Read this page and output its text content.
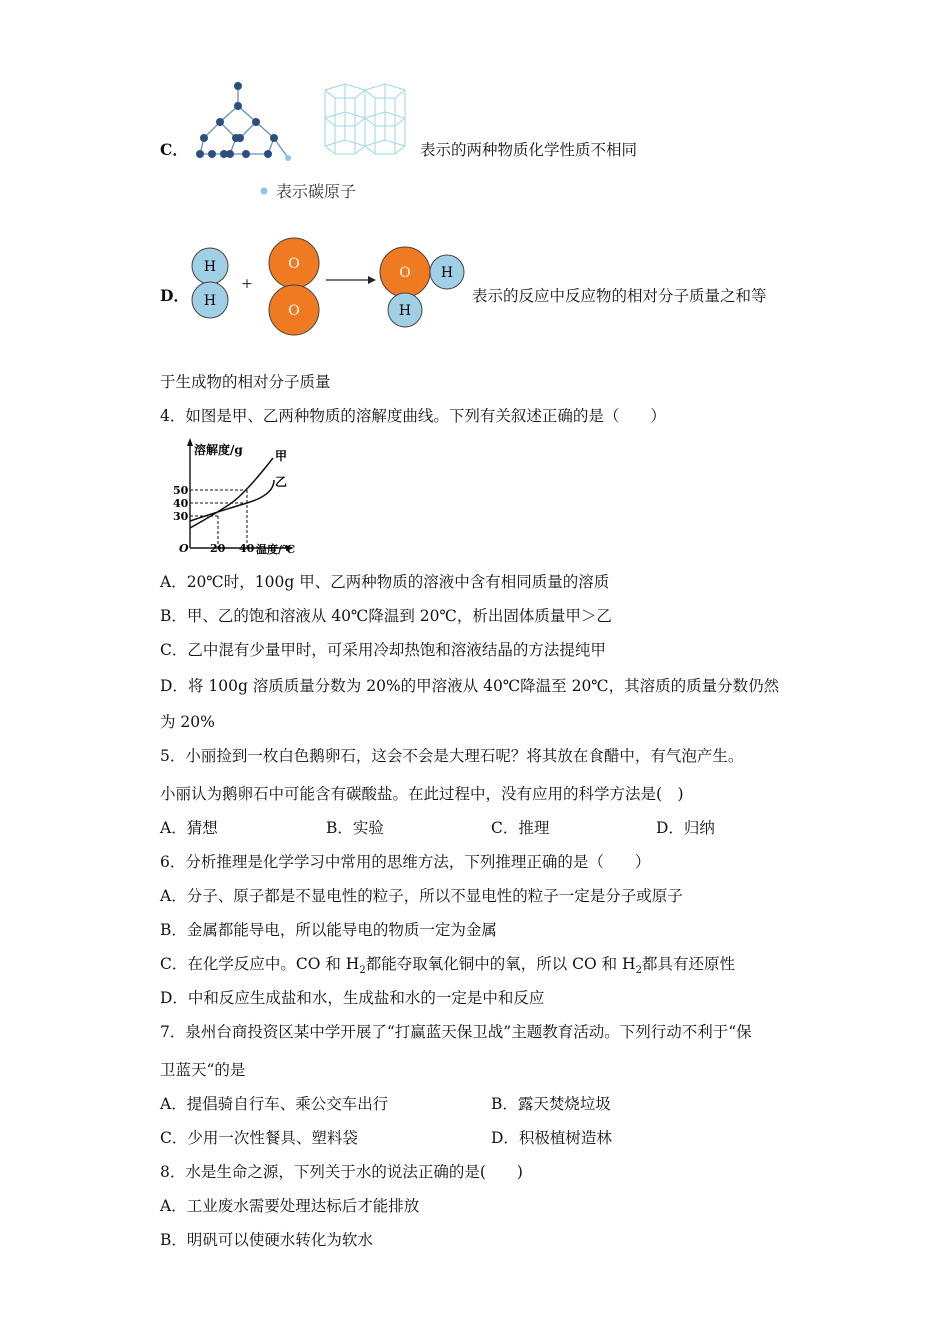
C．	表示的两种物质化学性质不相同
表示碳原子
D．
H
H
+
O
O
O H
H
表示的反应中反应物的相对分子质量之和等
于生成物的相对分子质量
4．如图是甲、乙两种物质的溶解度曲线。下列有关叙述正确的是（　　）
溶解度/g	甲
乙
50
40
30
O 20 40 温度/℃
A．20℃时，100g 甲、乙两种物质的溶液中含有相同质量的溶质
B．甲、乙的饱和溶液从 40℃降温到 20℃，析出固体质量甲＞乙
C．乙中混有少量甲时，可采用冷却热饱和溶液结晶的方法提纯甲
D．将 100g 溶质质量分数为 20%的甲溶液从 40℃降温至 20℃，其溶质的质量分数仍然
为 20%
5．小丽捡到一枚白色鹅卵石，这会不会是大理石呢？将其放在食醋中，有气泡产生。
小丽认为鹅卵石中可能含有碳酸盐。在此过程中，没有应用的科学方法是(　)
A．猜想	B．实验	C．推理	D．归纳
6．分析推理是化学学习中常用的思维方法，下列推理正确的是（　　）
A．分子、原子都是不显电性的粒子，所以不显电性的粒子一定是分子或原子
B．金属都能导电，所以能导电的物质一定为金属
C．在化学反应中。CO 和 $H_2$都能夺取氧化铜中的氧，所以 CO 和 $H_2$都具有还原性
D．中和反应生成盐和水，生成盐和水的一定是中和反应
7．泉州台商投资区某中学开展了“打赢蓝天保卫战”主题教育活动。下列行动不利于“保
卫蓝天“的是
A．提倡骑自行车、乘公交车出行	B．露天焚烧垃圾
C．少用一次性餐具、塑料袋	D．积极植树造林
8．水是生命之源，下列关于水的说法正确的是(　　)
A．工业废水需要处理达标后才能排放
B．明矾可以使硬水转化为软水
